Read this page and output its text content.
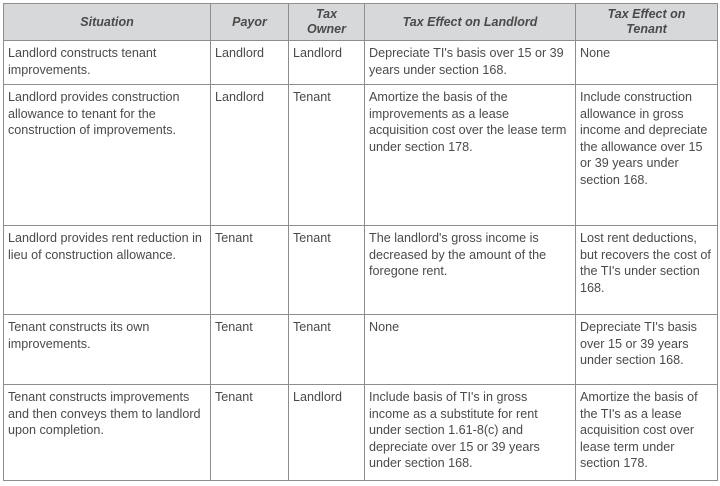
Situation	Payor	Tax Owner	Tax Effect on Landlord	Tax Effect on Tenant
Landlord constructs tenant improvements.	Landlord	Landlord	Depreciate TI's basis over 15 or 39 years under section 168.	None
Landlord provides construction allowance to tenant for the construction of improvements.	Landlord	Tenant	Amortize the basis of the improvements as a lease acquisition cost over the lease term under section 178.	Include construction allowance in gross income and depreciate the allowance over 15 or 39 years under section 168.
Landlord provides rent reduction in lieu of construction allowance.	Tenant	Tenant	The landlord's gross income is decreased by the amount of the foregone rent.	Lost rent deductions, but recovers the cost of the TI's under section 168.
Tenant constructs its own improvements.	Tenant	Tenant	None	Depreciate TI's basis over 15 or 39 years under section 168.
Tenant constructs improvements and then conveys them to landlord upon completion.	Tenant	Landlord	Include basis of TI's in gross income as a substitute for rent under section 1.61-8(c) and depreciate over 15 or 39 years under section 168.	Amortize the basis of the TI's as a lease acquisition cost over lease term under section 178.
